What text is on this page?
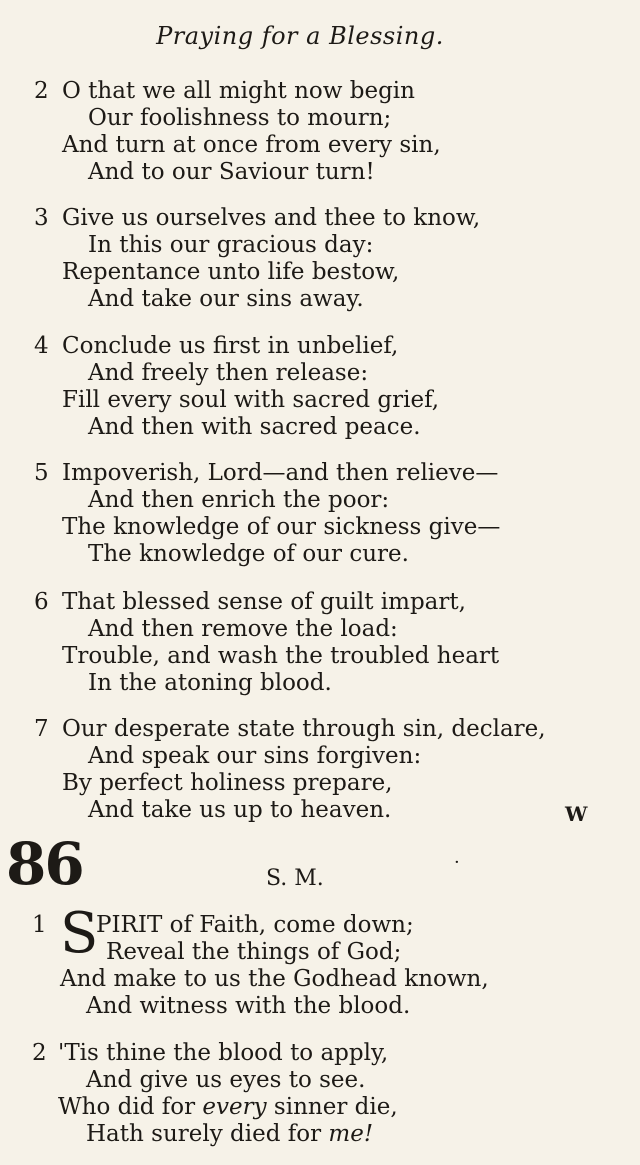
Praying for a Blessing.
2 O that we all might now begin
Our foolishness to mourn;
And turn at once from every sin,
And to our Saviour turn!
3 Give us ourselves and thee to know,
In this our gracious day:
Repentance unto life bestow,
And take our sins away.
4 Conclude us first in unbelief,
And freely then release:
Fill every soul with sacred grief,
And then with sacred peace.
5 Impoverish, Lord—and then relieve—
And then enrich the poor:
The knowledge of our sickness give—
The knowledge of our cure.
6 That blessed sense of guilt impart,
And then remove the load:
Trouble, and wash the troubled heart
In the atoning blood.
7 Our desperate state through sin, declare,
And speak our sins forgiven:
By perfect holiness prepare,
And take us up to heaven.	W
86	S. M.
·
1 S
PIRIT of Faith, come down;
Reveal the things of God;
And make to us the Godhead known,
And witness with the blood.
2 'Tis thine the blood to apply,
And give us eyes to see.
Who did for every sinner die,
Hath surely died for me!
